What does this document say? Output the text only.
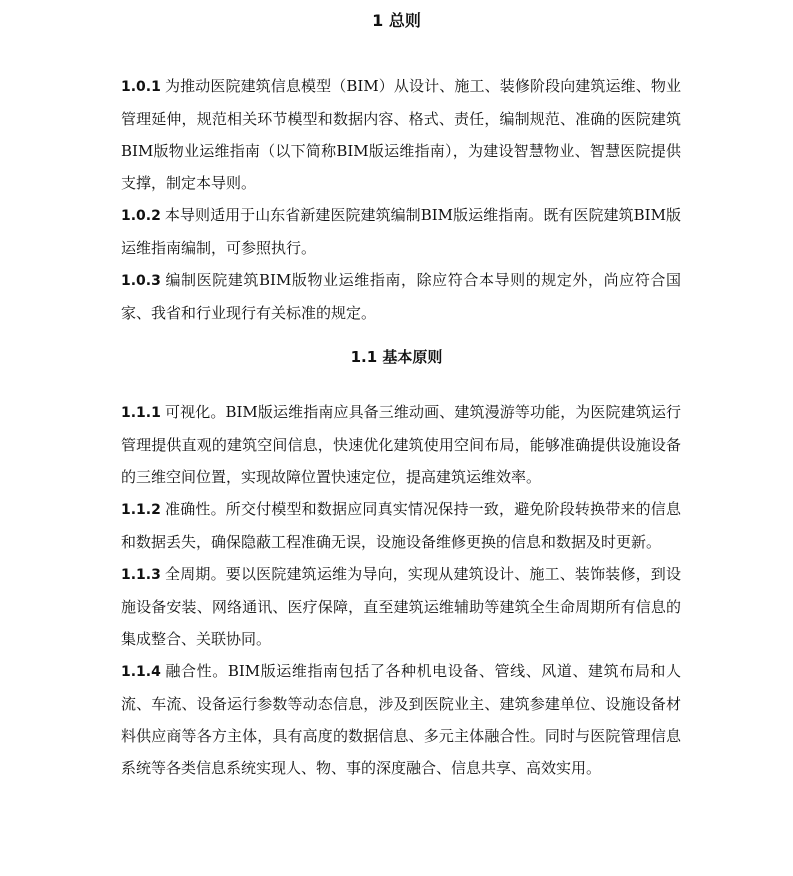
1 总则

1.0.1 为推动医院建筑信息模型（BIM）从设计、施工、装修阶段向建筑运维、物业管理延伸，规范相关环节模型和数据内容、格式、责任，编制规范、准确的医院建筑BIM版物业运维指南（以下简称BIM版运维指南），为建设智慧物业、智慧医院提供支撑，制定本导则。

1.0.2 本导则适用于山东省新建医院建筑编制BIM版运维指南。既有医院建筑BIM版运维指南编制，可参照执行。

1.0.3 编制医院建筑BIM版物业运维指南，除应符合本导则的规定外，尚应符合国家、我省和行业现行有关标准的规定。

1.1 基本原则

1.1.1 可视化。BIM版运维指南应具备三维动画、建筑漫游等功能，为医院建筑运行管理提供直观的建筑空间信息，快速优化建筑使用空间布局，能够准确提供设施设备的三维空间位置，实现故障位置快速定位，提高建筑运维效率。

1.1.2 准确性。所交付模型和数据应同真实情况保持一致，避免阶段转换带来的信息和数据丢失，确保隐蔽工程准确无误，设施设备维修更换的信息和数据及时更新。

1.1.3 全周期。要以医院建筑运维为导向，实现从建筑设计、施工、装饰装修，到设施设备安装、网络通讯、医疗保障，直至建筑运维辅助等建筑全生命周期所有信息的集成整合、关联协同。

1.1.4 融合性。BIM版运维指南包括了各种机电设备、管线、风道、建筑布局和人流、车流、设备运行参数等动态信息，涉及到医院业主、建筑参建单位、设施设备材料供应商等各方主体，具有高度的数据信息、多元主体融合性。同时与医院管理信息系统等各类信息系统实现人、物、事的深度融合、信息共享、高效实用。
